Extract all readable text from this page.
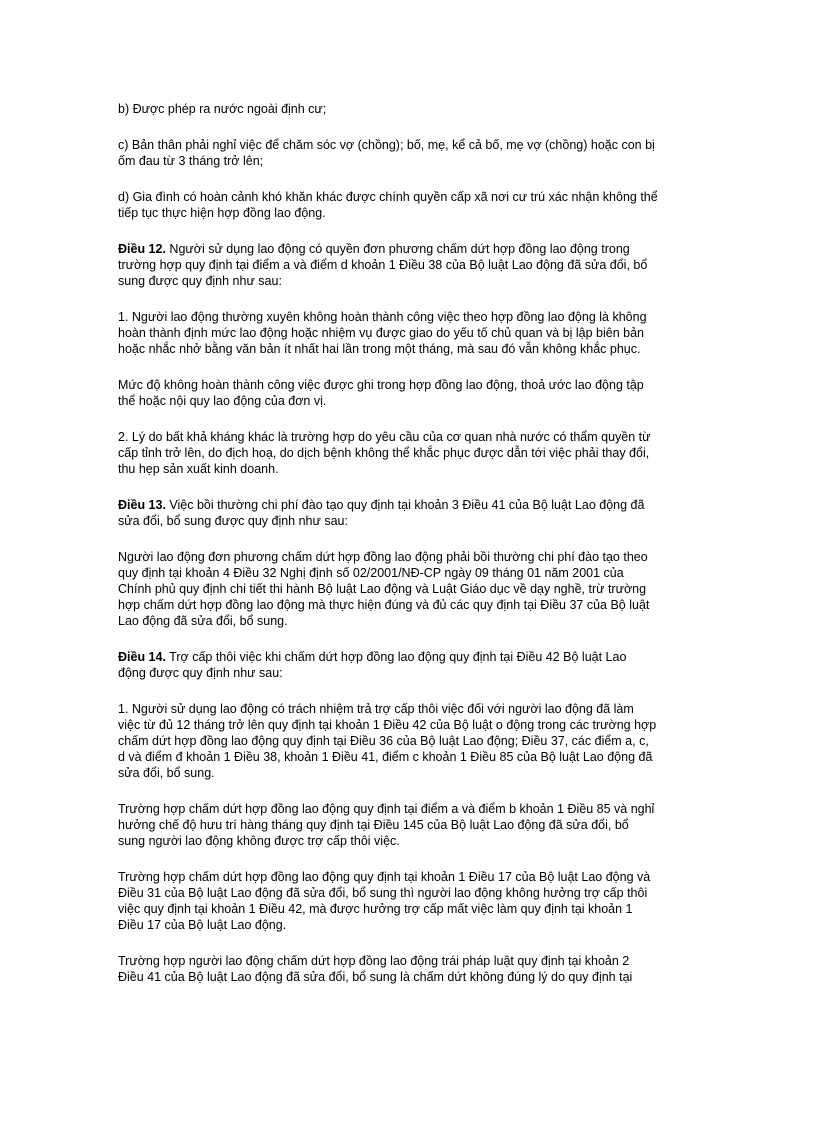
b) Được phép ra nước ngoài định cư;
c) Bản thân phải nghỉ việc để chăm sóc vợ (chồng); bố, mẹ, kể cả bố, mẹ vợ (chồng) hoặc con bị
ốm đau từ 3 tháng trở lên;
d) Gia đình có hoàn cảnh khó khăn khác được chính quyền cấp xã nơi cư trú xác nhận không thể
tiếp tục thực hiện hợp đồng lao động.
Điều 12. Người sử dụng lao động có quyền đơn phương chấm dứt hợp đồng lao động trong
trường hợp quy định tại điểm a và điểm d khoản 1 Điều 38 của Bộ luật Lao động đã sửa đổi, bổ
sung được quy định như sau:
1. Người lao động thường xuyên không hoàn thành công việc theo hợp đồng lao động là không
hoàn thành định mức lao động hoặc nhiệm vụ được giao do yếu tố chủ quan và bị lập biên bản
hoặc nhắc nhở bằng văn bản ít nhất hai lần trong một tháng, mà sau đó vẫn không khắc phục.
Mức độ không hoàn thành công việc được ghi trong hợp đồng lao động, thoả ước lao động tập
thể hoặc nội quy lao động của đơn vị.
2. Lý do bất khả kháng khác là trường hợp do yêu cầu của cơ quan nhà nước có thẩm quyền từ
cấp tỉnh trở lên, do địch hoạ, do dịch bệnh không thể khắc phục được dẫn tới việc phải thay đổi,
thu hẹp sản xuất kinh doanh.
Điều 13. Việc bồi thường chi phí đào tạo quy định tại khoản 3 Điều 41 của Bộ luật Lao động đã
sửa đổi, bổ sung được quy định như sau:
Người lao động đơn phương chấm dứt hợp đồng lao động phải bồi thường chi phí đào tạo theo
quy định tại khoản 4 Điều 32 Nghị định số 02/2001/NĐ-CP ngày 09 tháng 01 năm 2001 của
Chính phủ quy định chi tiết thi hành Bộ luật Lao động và Luật Giáo dục về dạy nghề, trừ trường
hợp chấm dứt hợp đồng lao động mà thực hiện đúng và đủ các quy định tại Điều 37 của Bộ luật
Lao động đã sửa đổi, bổ sung.
Điều 14. Trợ cấp thôi việc khi chấm dứt hợp đồng lao động quy định tại Điều 42 Bộ luật Lao
động được quy định như sau:
1. Người sử dụng lao động có trách nhiệm trả trợ cấp thôi việc đối với người lao động đã làm
việc từ đủ 12 tháng trở lên quy định tại khoản 1 Điều 42 của Bộ luật o động trong các trường hợp
chấm dứt hợp đồng lao động quy định tại Điều 36 của Bộ luật Lao động; Điều 37, các điểm a, c,
d và điểm đ khoản 1 Điều 38, khoản 1 Điều 41, điểm c khoản 1 Điều 85 của Bộ luật Lao động đã
sửa đổi, bổ sung.
Trường hợp chấm dứt hợp đồng lao động quy định tại điểm a và điểm b khoản 1 Điều 85 và nghỉ
hưởng chế độ hưu trí hàng tháng quy định tại Điều 145 của Bộ luật Lao động đã sửa đổi, bổ
sung người lao động không được trợ cấp thôi việc.
Trường hợp chấm dứt hợp đồng lao động quy định tại khoản 1 Điều 17 của Bộ luật Lao động và
Điều 31 của Bộ luật Lao động đã sửa đổi, bổ sung thì người lao động không hưởng trợ cấp thôi
việc quy định tại khoản 1 Điều 42, mà được hưởng trợ cấp mất việc làm quy định tại khoản 1
Điều 17 của Bộ luật Lao động.
Trường hợp người lao động chấm dứt hợp đồng lao động trái pháp luật quy định tại khoản 2
Điều 41 của Bộ luật Lao động đã sửa đổi, bổ sung là chấm dứt không đúng lý do quy định tại
